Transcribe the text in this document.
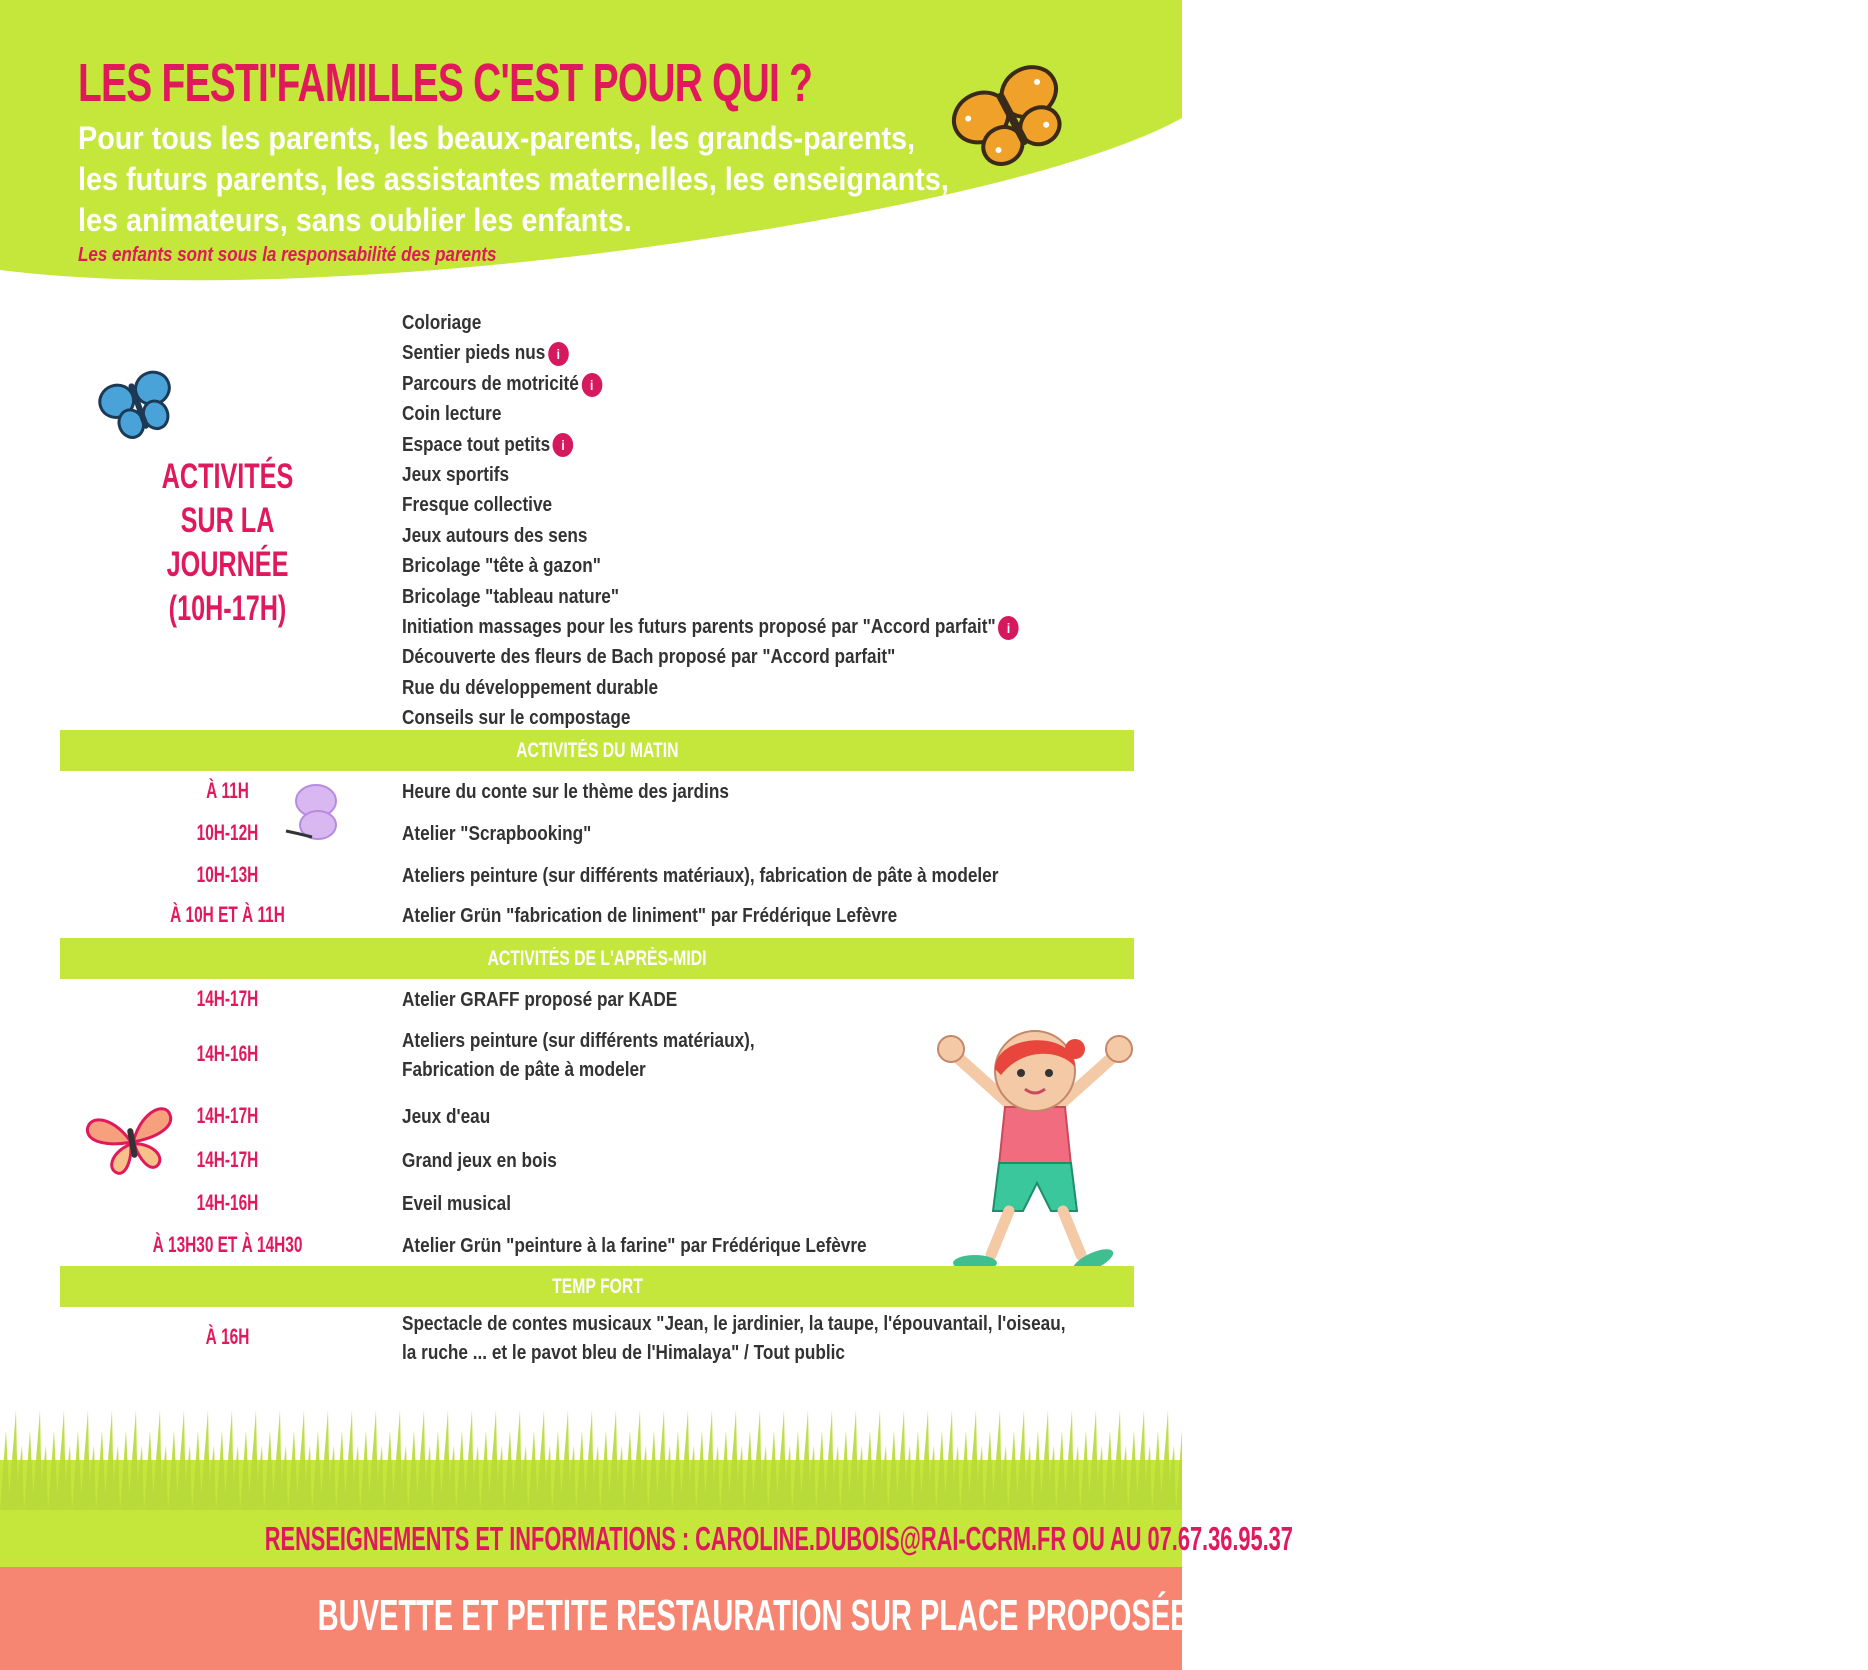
LES FESTI'FAMILLES C'EST POUR QUI ?
Pour tous les parents, les beaux-parents, les grands-parents,
les futurs parents, les assistantes maternelles, les enseignants,
les animateurs, sans oublier les enfants.
Les enfants sont sous la responsabilité des parents
ACTIVITÉS
SUR LA JOURNÉE
(10H-17H)
Coloriage
Sentier pieds nus i
Parcours de motricité i
Coin lecture
Espace tout petits i
Jeux sportifs
Fresque collective
Jeux autours des sens
Bricolage "tête à gazon"
Bricolage "tableau nature"
Initiation massages pour les futurs parents proposé par "Accord parfait" i
Découverte des fleurs de Bach proposé par "Accord parfait"
Rue du développement durable
Conseils sur le compostage
ACTIVITÉS DU MATIN
À 11H	Heure du conte sur le thème des jardins
10H-12H	Atelier "Scrapbooking"
10H-13H	Ateliers peinture (sur différents matériaux), fabrication de pâte à modeler
À 10H ET À 11H	Atelier Grün "fabrication de liniment" par Frédérique Lefèvre
ACTIVITÉS DE L'APRÈS-MIDI
14H-17H	Atelier GRAFF proposé par KADE
14H-16H	Ateliers peinture (sur différents matériaux),
Fabrication de pâte à modeler
14H-17H	Jeux d'eau
14H-17H	Grand jeux en bois
14H-16H	Eveil musical
À 13H30 ET À 14H30	Atelier Grün "peinture à la farine" par Frédérique Lefèvre
TEMP FORT
À 16H	Spectacle de contes musicaux "Jean, le jardinier, la taupe, l'épouvantail, l'oiseau,
la ruche ... et le pavot bleu de l'Himalaya" / Tout public
RENSEIGNEMENTS ET INFORMATIONS : CAROLINE.DUBOIS@RAI-CCRM.FR OU AU 07.67.36.95.37
BUVETTE ET PETITE RESTAURATION SUR PLACE PROPOSÉES PAR L'U.S SUNDHOUSE
